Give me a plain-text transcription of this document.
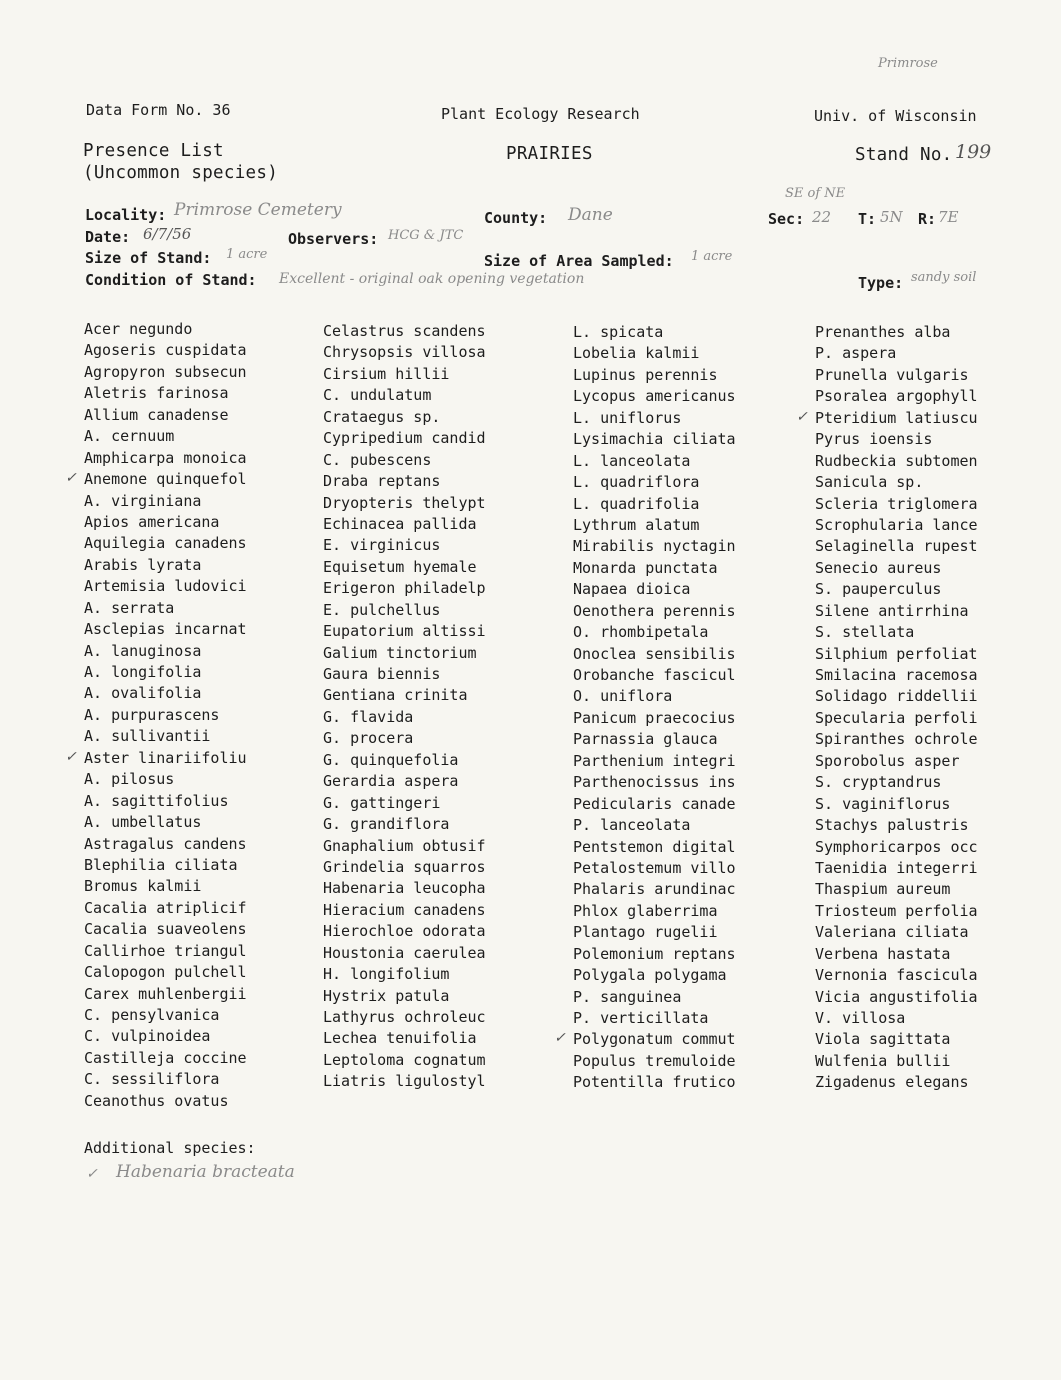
Primrose
Data Form No. 36	Plant Ecology Research	Univ. of Wisconsin
Presence List
(Uncommon species)
PRAIRIES	Stand No. 199
Locality: Primrose Cemetery	County: Dane
SE of NE
Sec: 22 T: 5N R: 7E
Date: 6/7/56	Observers: HCG & JTC
Size of Stand: 1 acre	Size of Area Sampled: 1 acre
Condition of Stand: Excellent - original oak opening vegetation	Type: sandy soil
Acer negundo
Agoseris cuspidata
Agropyron subsecun
Aletris farinosa
Allium canadense
A. cernuum
Amphicarpa monoica
✓ Anemone quinquefol
A. virginiana
Apios americana
Aquilegia canadens
Arabis lyrata
Artemisia ludovici
A. serrata
Asclepias incarnat
A. lanuginosa
A. longifolia
A. ovalifolia
A. purpurascens
A. sullivantii
✓ Aster linariifoliu
A. pilosus
A. sagittifolius
A. umbellatus
Astragalus candens
Blephilia ciliata
Bromus kalmii
Cacalia atriplicif
Cacalia suaveolens
Callirhoe triangul
Calopogon pulchell
Carex muhlenbergii
C. pensylvanica
C. vulpinoidea
Castilleja coccine
C. sessiliflora
Ceanothus ovatus
Celastrus scandens
Chrysopsis villosa
Cirsium hillii
C. undulatum
Crataegus sp.
Cypripedium candid
C. pubescens
Draba reptans
Dryopteris thelypt
Echinacea pallida
E. virginicus
Equisetum hyemale
Erigeron philadelp
E. pulchellus
Eupatorium altissi
Galium tinctorium
Gaura biennis
Gentiana crinita
G. flavida
G. procera
G. quinquefolia
Gerardia aspera
G. gattingeri
G. grandiflora
Gnaphalium obtusif
Grindelia squarros
Habenaria leucopha
Hieracium canadens
Hierochloe odorata
Houstonia caerulea
H. longifolium
Hystrix patula
Lathyrus ochroleuc
Lechea tenuifolia
Leptoloma cognatum
Liatris ligulostyl
L. spicata
Lobelia kalmii
Lupinus perennis
Lycopus americanus
L. uniflorus
Lysimachia ciliata
L. lanceolata
L. quadriflora
L. quadrifolia
Lythrum alatum
Mirabilis nyctagin
Monarda punctata
Napaea dioica
Oenothera perennis
O. rhombipetala
Onoclea sensibilis
Orobanche fascicul
O. uniflora
Panicum praecocius
Parnassia glauca
Parthenium integri
Parthenocissus ins
Pedicularis canade
P. lanceolata
Pentstemon digital
Petalostemum villo
Phalaris arundinac
Phlox glaberrima
Plantago rugelii
Polemonium reptans
Polygala polygama
P. sanguinea
P. verticillata
✓ Polygonatum commut
Populus tremuloide
Potentilla frutico
Prenanthes alba
P. aspera
Prunella vulgaris
Psoralea argophyll
✓ Pteridium latiuscu
Pyrus ioensis
Rudbeckia subtomen
Sanicula sp.
Scleria triglomera
Scrophularia lance
Selaginella rupest
Senecio aureus
S. pauperculus
Silene antirrhina
S. stellata
Silphium perfoliat
Smilacina racemosa
Solidago riddellii
Specularia perfoli
Spiranthes ochrole
Sporobolus asper
S. cryptandrus
S. vaginiflorus
Stachys palustris
Symphoricarpos occ
Taenidia integerri
Thaspium aureum
Triosteum perfolia
Valeriana ciliata
Verbena hastata
Vernonia fascicula
Vicia angustifolia
V. villosa
Viola sagittata
Wulfenia bullii
Zigadenus elegans
Additional species:
✓ Habenaria bracteata
